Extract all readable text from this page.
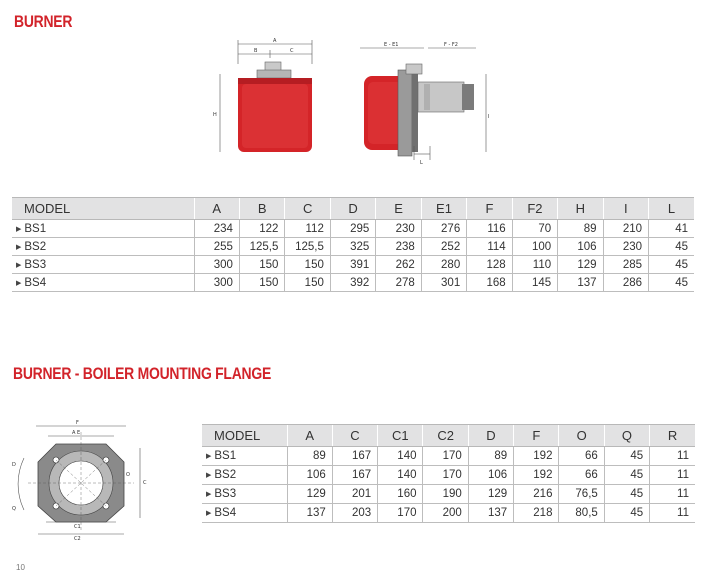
BURNER
A
B	C
H
E - E1	F - F2
I
L
MODEL	A	B	C	D	E	E1	F	F2	H	I	L
▶ BS1	234	122	112	295	230	276	116	70	89	210	41
▶ BS2	255	125,5	125,5	325	238	252	114	100	106	230	45
▶ BS3	300	150	150	391	262	280	128	110	129	285	45
▶ BS4	300	150	150	392	278	301	168	145	137	286	45
BURNER - BOILER MOUNTING FLANGE
F
A E
C
C1
C2
D
Q
O
MODEL	A	C	C1	C2	D	F	O	Q	R
▶ BS1	89	167	140	170	89	192	66	45	11
▶ BS2	106	167	140	170	106	192	66	45	11
▶ BS3	129	201	160	190	129	216	76,5	45	11
▶ BS4	137	203	170	200	137	218	80,5	45	11
10
